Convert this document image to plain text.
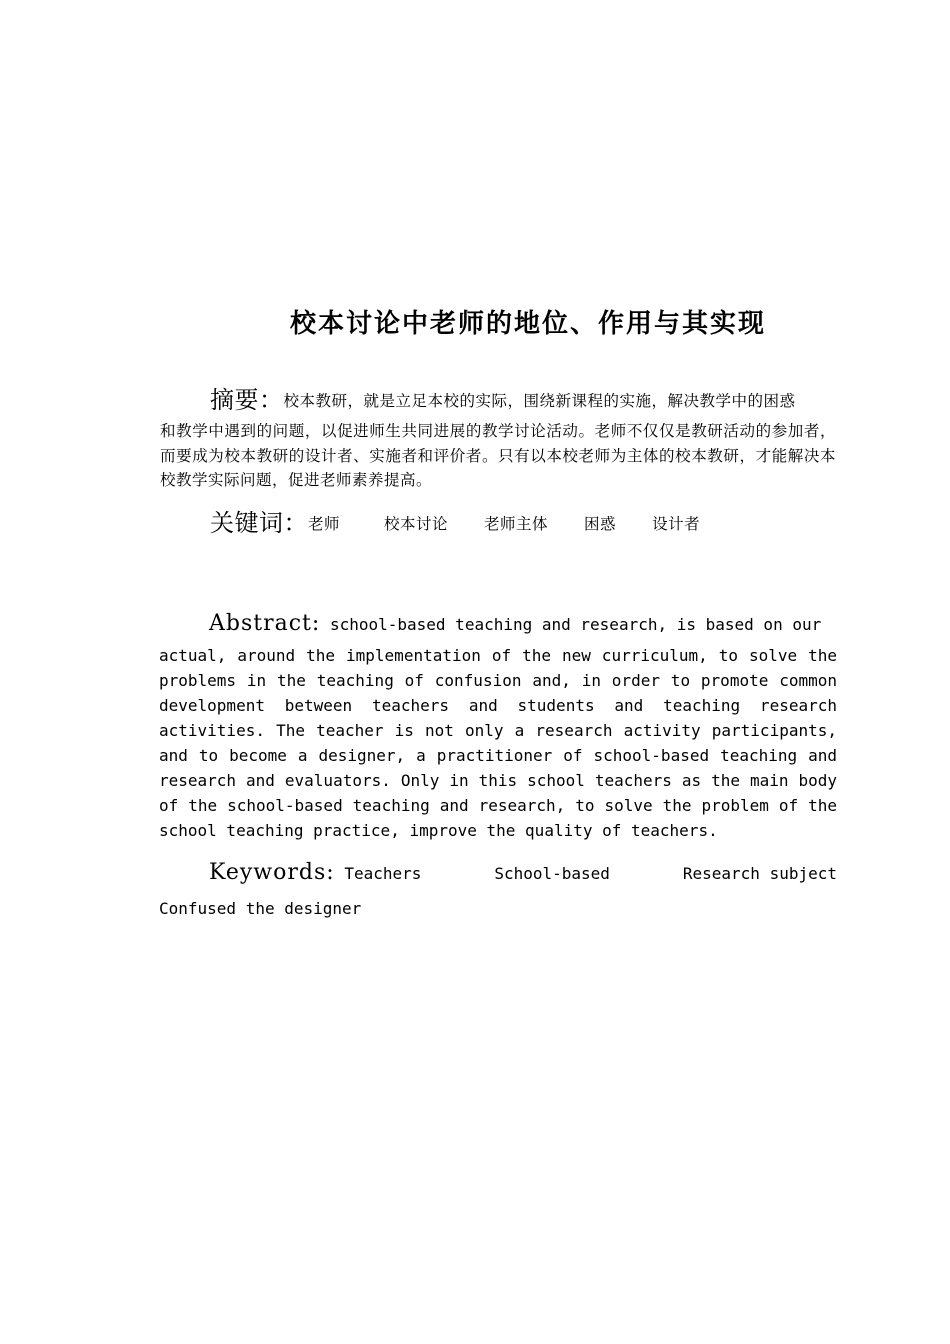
校本讨论中老师的地位、作用与其实现
摘要：校本教研，就是立足本校的实际，围绕新课程的实施，解决教学中的困惑
和教学中遇到的问题，以促进师生共同进展的教学讨论活动。老师不仅仅是教研活动的参加者，而要成为校本教研的设计者、实施者和评价者。只有以本校老师为主体的校本教研，才能解决本校教学实际问题，促进老师素养提高。
关键词：老师	校本讨论 老师主体 困惑 设计者
Abstract: school-based teaching and research, is based on our
actual, around the implementation of the new curriculum, to solve the problems in the teaching of confusion and, in order to promote common development between teachers and students and teaching research activities. The teacher is not only a research activity participants, and to become a designer, a practitioner of school-based teaching and research and evaluators. Only in this school teachers as the main body of the school-based teaching and research, to solve the problem of the school teaching practice, improve the quality of teachers.
Keywords: Teachers	School-based	Research subject
Confused the designer
